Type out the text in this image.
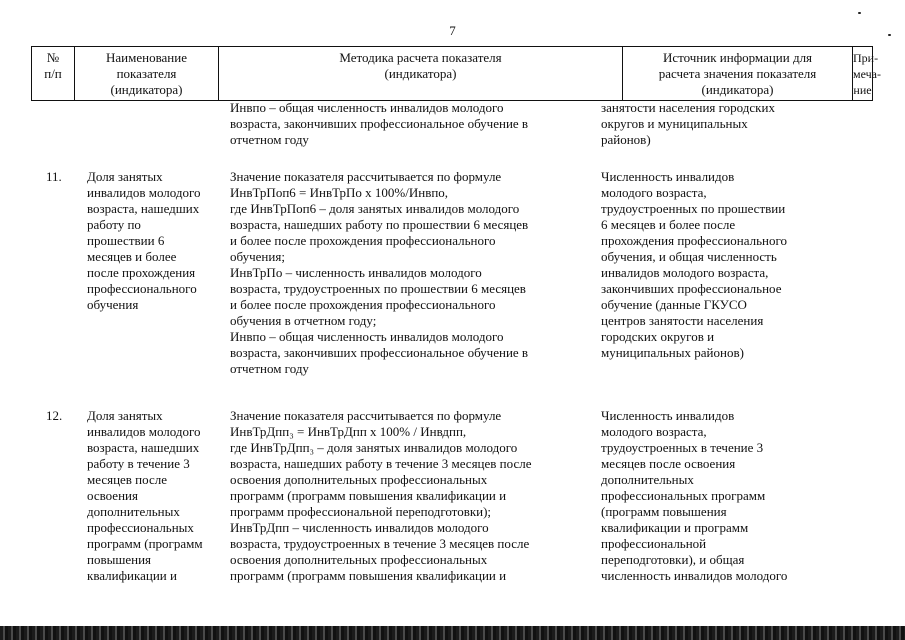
7
№
п/п
Наименование
показателя
(индикатора)
Методика расчета показателя
(индикатора)
Источник информации для
расчета значения показателя
(индикатора)
При-
меча-
ние
Инвпо – общая численность инвалидов молодого
возраста, закончивших профессиональное обучение в
отчетном году
занятости населения городских
округов и муниципальных
районов)
11. Доля занятых
инвалидов молодого
возраста, нашедших
работу по
прошествии 6
месяцев и более
после прохождения
профессионального
обучения
Значение показателя рассчитывается по формуле
ИнвТрПоп6 = ИнвТрПо х 100%/Инвпо,
где ИнвТрПоп6 – доля занятых инвалидов молодого
возраста, нашедших работу по прошествии 6 месяцев
и более после прохождения профессионального
обучения;
ИнвТрПо – численность инвалидов молодого
возраста, трудоустроенных по прошествии 6 месяцев
и более после прохождения профессионального
обучения в отчетном году;
Инвпо – общая численность инвалидов молодого
возраста, закончивших профессиональное обучение в
отчетном году
Численность инвалидов
молодого возраста,
трудоустроенных по прошествии
6 месяцев и более после
прохождения профессионального
обучения, и общая численность
инвалидов молодого возраста,
закончивших профессиональное
обучение (данные ГКУСО
центров занятости населения
городских округов и
муниципальных районов)
12. Доля занятых
инвалидов молодого
возраста, нашедших
работу в течение 3
месяцев после
освоения
дополнительных
профессиональных
программ (программ
повышения
квалификации и
Значение показателя рассчитывается по формуле
ИнвТрДпп₃ = ИнвТрДпп х 100% / Инвдпп,
где ИнвТрДпп₃ – доля занятых инвалидов молодого
возраста, нашедших работу в течение 3 месяцев после
освоения дополнительных профессиональных
программ (программ повышения квалификации и
программ профессиональной переподготовки);
ИнвТрДпп – численность инвалидов молодого
возраста, трудоустроенных в течение 3 месяцев после
освоения дополнительных профессиональных
программ (программ повышения квалификации и
Численность инвалидов
молодого возраста,
трудоустроенных в течение 3
месяцев после освоения
дополнительных
профессиональных программ
(программ повышения
квалификации и программ
профессиональной
переподготовки), и общая
численность инвалидов молодого
